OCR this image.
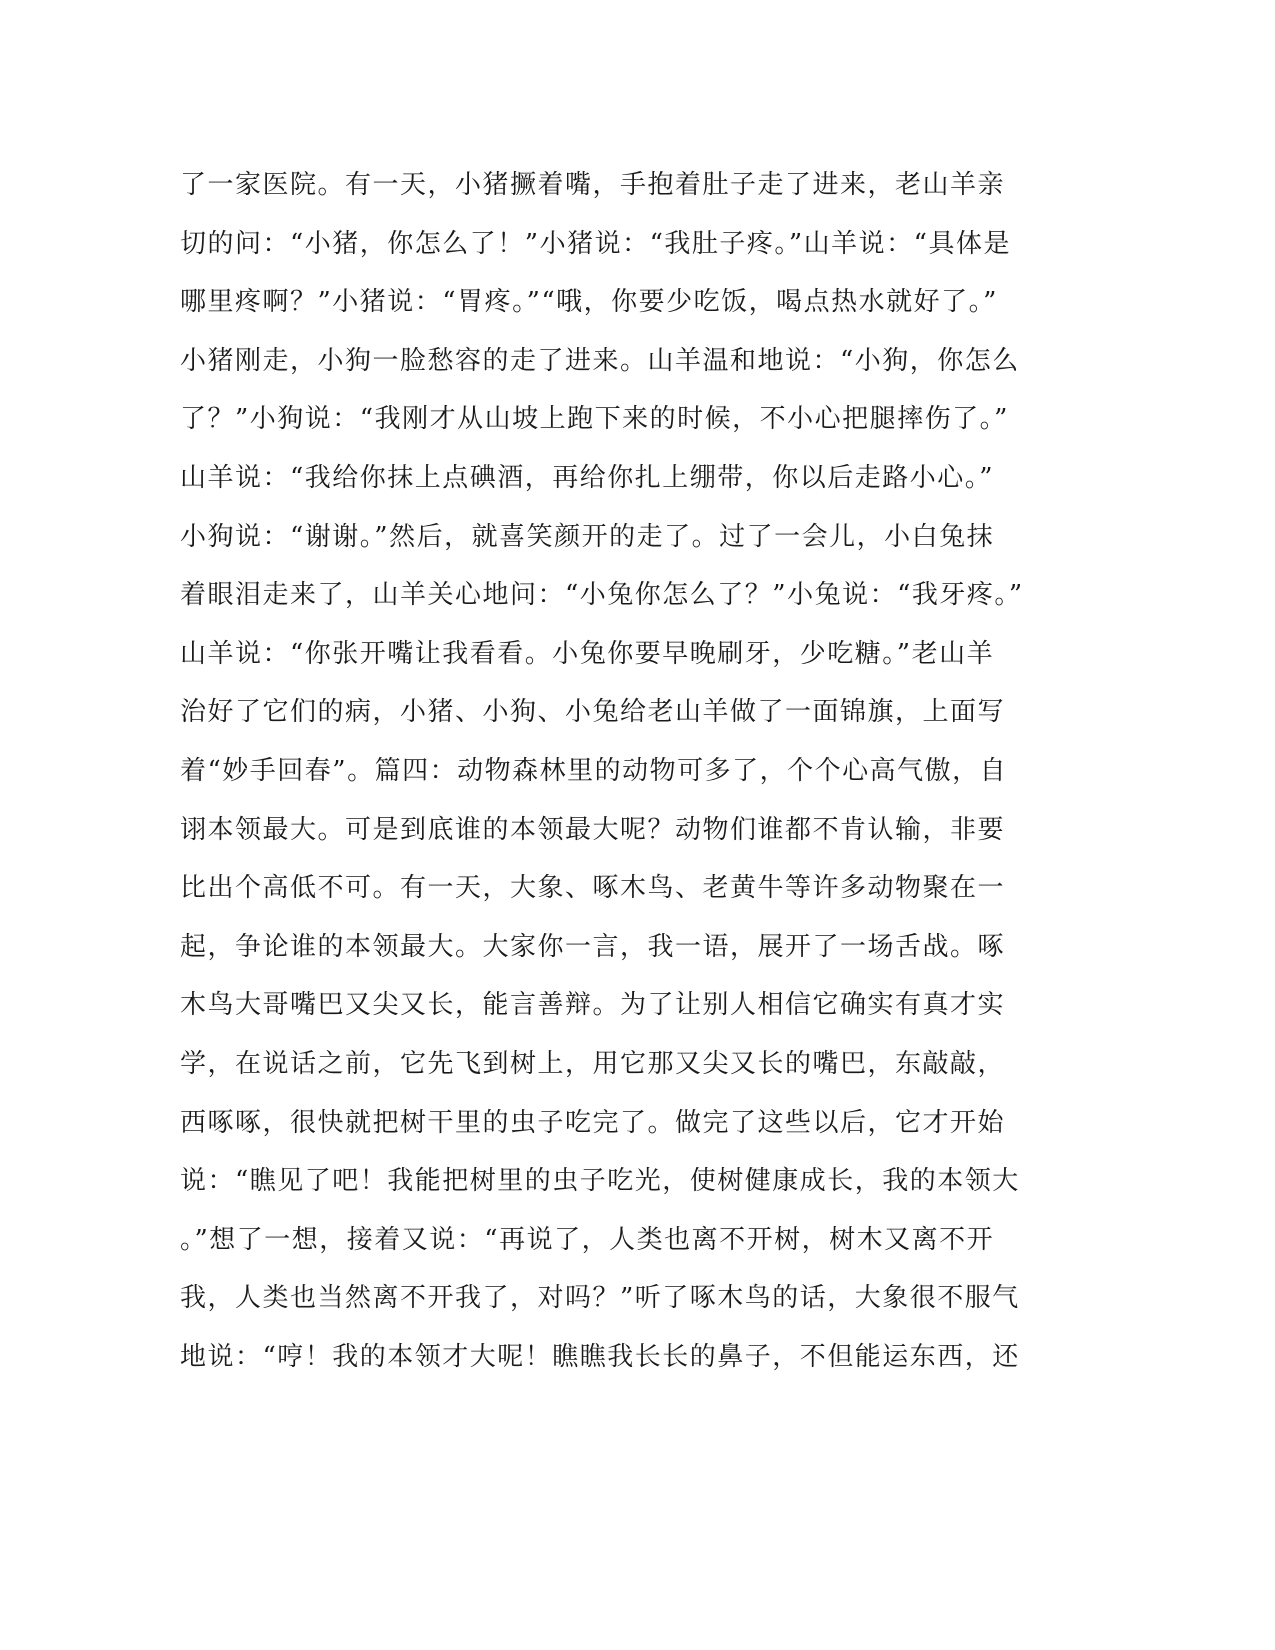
了一家医院。有一天，小猪撅着嘴，手抱着肚子走了进来，老山羊亲
切的问：“小猪，你怎么了！”小猪说：“我肚子疼。”山羊说：“具体是
哪里疼啊？”小猪说：“胃疼。”“哦，你要少吃饭，喝点热水就好了。”
小猪刚走，小狗一脸愁容的走了进来。山羊温和地说：“小狗，你怎么
了？”小狗说：“我刚才从山坡上跑下来的时候，不小心把腿摔伤了。”
山羊说：“我给你抹上点碘酒，再给你扎上绷带，你以后走路小心。”
小狗说：“谢谢。”然后，就喜笑颜开的走了。过了一会儿，小白兔抹
着眼泪走来了，山羊关心地问：“小兔你怎么了？”小兔说：“我牙疼。”
山羊说：“你张开嘴让我看看。小兔你要早晚刷牙，少吃糖。”老山羊
治好了它们的病，小猪、小狗、小兔给老山羊做了一面锦旗，上面写
着“妙手回春”。篇四：动物森林里的动物可多了，个个心高气傲，自
诩本领最大。可是到底谁的本领最大呢？动物们谁都不肯认输，非要
比出个高低不可。有一天，大象、啄木鸟、老黄牛等许多动物聚在一
起，争论谁的本领最大。大家你一言，我一语，展开了一场舌战。啄
木鸟大哥嘴巴又尖又长，能言善辩。为了让别人相信它确实有真才实
学，在说话之前，它先飞到树上，用它那又尖又长的嘴巴，东敲敲，
西啄啄，很快就把树干里的虫子吃完了。做完了这些以后，它才开始
说：“瞧见了吧！我能把树里的虫子吃光，使树健康成长，我的本领大
。”想了一想，接着又说：“再说了，人类也离不开树，树木又离不开
我，人类也当然离不开我了，对吗？”听了啄木鸟的话，大象很不服气
地说：“哼！我的本领才大呢！瞧瞧我长长的鼻子，不但能运东西，还
